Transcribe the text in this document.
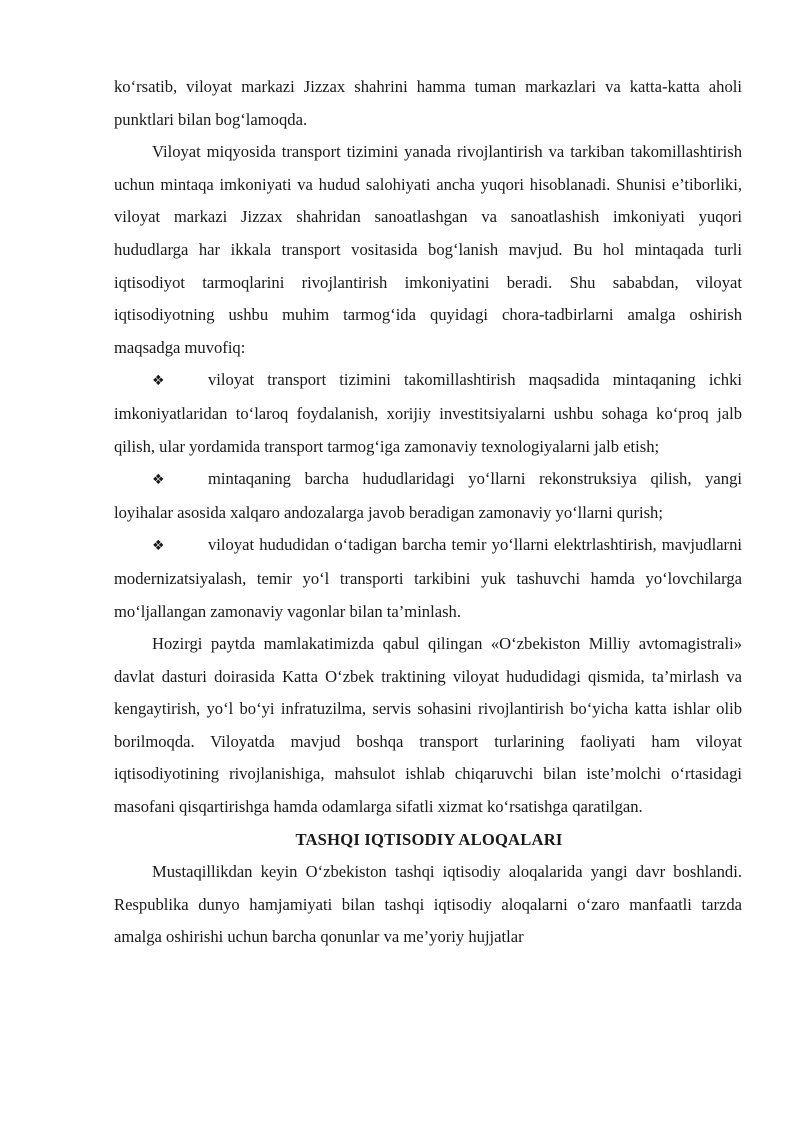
ko‘rsatib, viloyat markazi Jizzax shahrini hamma tuman markazlari va katta-katta aholi punktlari bilan bog‘lamoqda.

Viloyat miqyosida transport tizimini yanada rivojlantirish va tarkiban takomillashtirish uchun mintaqa imkoniyati va hudud salohiyati ancha yuqori hisoblanadi. Shunisi e’tiborliki, viloyat markazi Jizzax shahridan sanoatlashgan va sanoatlashish imkoniyati yuqori hududlarga har ikkala transport vositasida bog‘lanish mavjud. Bu hol mintaqada turli iqtisodiyot tarmoqlarini rivojlantirish imkoniyatini beradi. Shu sababdan, viloyat iqtisodiyotning ushbu muhim tarmog‘ida quyidagi chora-tadbirlarni amalga oshirish maqsadga muvofiq:

❖	viloyat transport tizimini takomillashtirish maqsadida mintaqaning ichki imkoniyatlaridan to‘laroq foydalanish, xorijiy investitsiyalarni ushbu sohaga ko‘proq jalb qilish, ular yordamida transport tarmog‘iga zamonaviy texnologiyalarni jalb etish;

❖	mintaqaning barcha hududlaridagi yo‘llarni rekonstruksiya qilish, yangi loyihalar asosida xalqaro andozalarga javob beradigan zamonaviy yo‘llarni qurish;

❖	viloyat hududidan o‘tadigan barcha temir yo‘llarni elektrlashtirish, mavjudlarni modernizatsiyalash, temir yo‘l transporti tarkibini yuk tashuvchi hamda yo‘lovchilarga mo‘ljallangan zamonaviy vagonlar bilan ta’minlash.

Hozirgi paytda mamlakatimizda qabul qilingan «O‘zbekiston Milliy avtomagistrali» davlat dasturi doirasida Katta O‘zbek traktining viloyat hududidagi qismida, ta’mirlash va kengaytirish, yo‘l bo‘yi infratuzilma, servis sohasini rivojlantirish bo‘yicha katta ishlar olib borilmoqda. Viloyatda mavjud boshqa transport turlarining faoliyati ham viloyat iqtisodiyotining rivojlanishiga, mahsulot ishlab chiqaruvchi bilan iste’molchi o‘rtasidagi masofani qisqartirishga hamda odamlarga sifatli xizmat ko‘rsatishga qaratilgan.

TASHQI IQTISODIY ALOQALARI

Mustaqillikdan keyin O‘zbekiston tashqi iqtisodiy aloqalarida yangi davr boshlandi. Respublika dunyo hamjamiyati bilan tashqi iqtisodiy aloqalarni o‘zaro manfaatli tarzda amalga oshirishi uchun barcha qonunlar va me’yoriy hujjatlar
